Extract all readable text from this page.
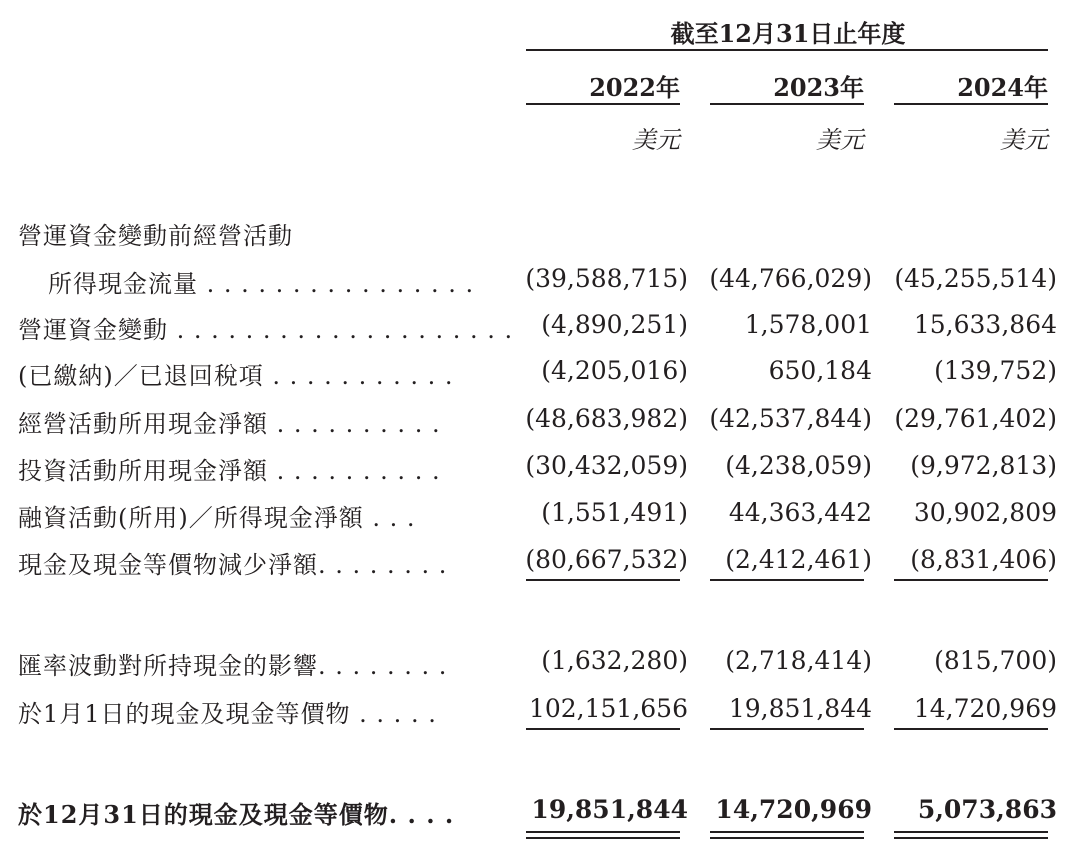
截至12月31日止年度
2022年	2023年	2024年
美元	美元	美元
營運資金變動前經營活動
所得現金流量 . . . . . . . . . . . . . . . .	(39,588,715) (44,766,029) (45,255,514)
營運資金變動 . . . . . . . . . . . . . . . . . . . .	(4,890,251)	1,578,001	15,633,864
(已繳納)／已退回稅項 . . . . . . . . . . .	(4,205,016)	650,184	(139,752)
經營活動所用現金淨額 . . . . . . . . . .	(48,683,982) (42,537,844) (29,761,402)
投資活動所用現金淨額 . . . . . . . . . .	(30,432,059)	(4,238,059)	(9,972,813)
融資活動(所用)／所得現金淨額 . . .	(1,551,491)	44,363,442	30,902,809
現金及現金等價物減少淨額. . . . . . . .	(80,667,532)	(2,412,461)	(8,831,406)
匯率波動對所持現金的影響. . . . . . . .	(1,632,280)	(2,718,414)	(815,700)
於1月1日的現金及現金等價物 . . . . .	102,151,656	19,851,844	14,720,969
於12月31日的現金及現金等價物. . . .	19,851,844	14,720,969	5,073,863
